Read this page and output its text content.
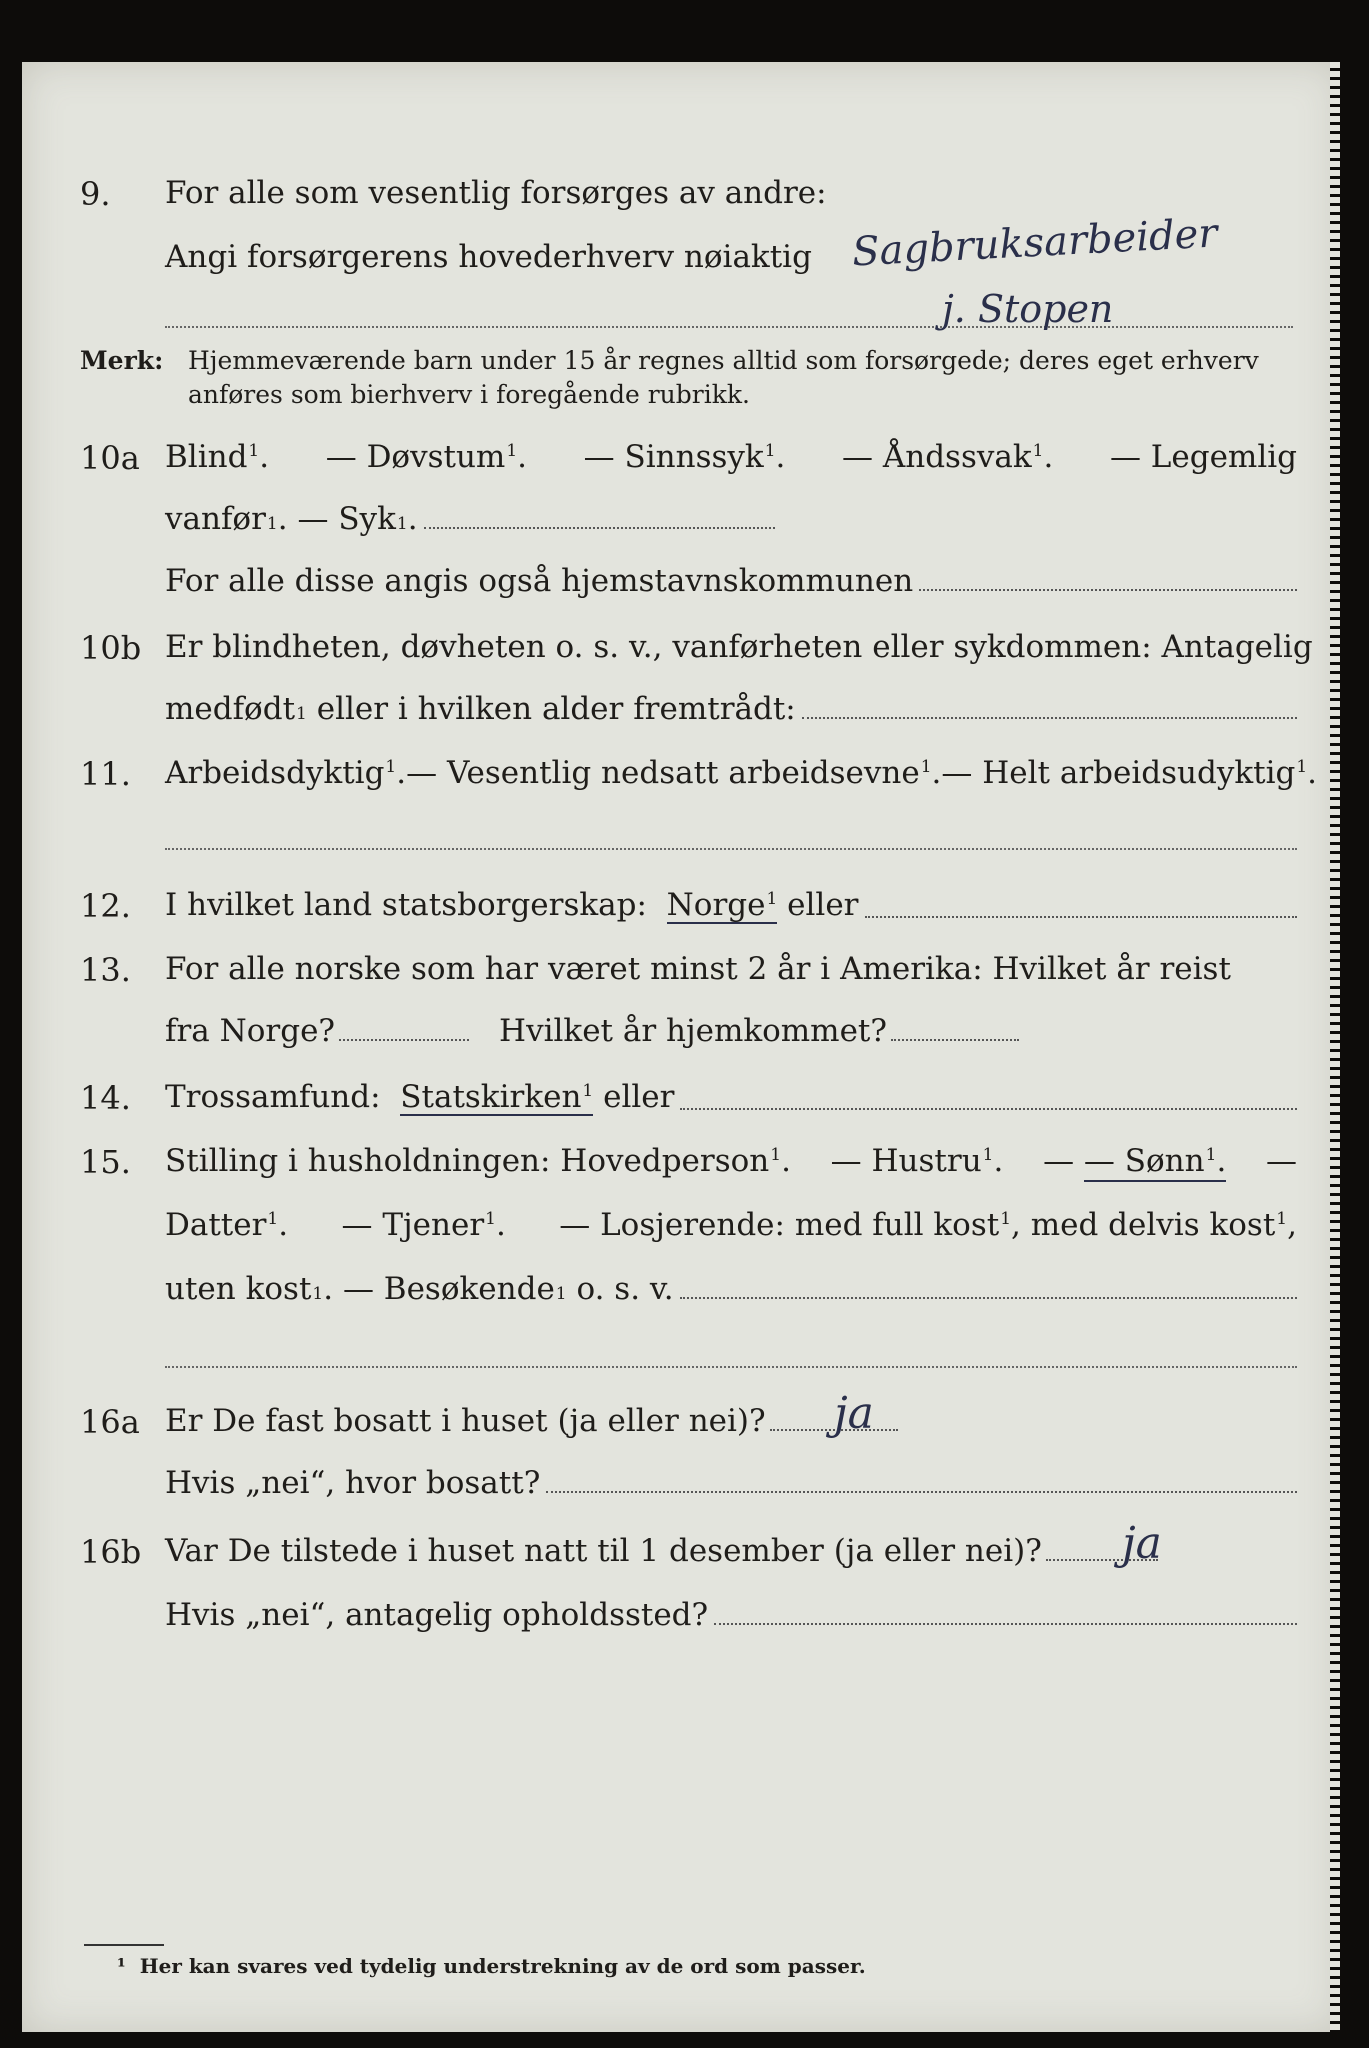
9.	For alle som vesentlig forsørges av andre:
Angi forsørgerens hovederhverv nøiaktig Sagbruksarbeider
j. Stopen
Merk: Hjemmeværende barn under 15 år regnes alltid som forsørgede; deres eget erhverv
anføres som bierhverv i foregående rubrikk.
10a Blind$^1$. — Døvstum$^1$. — Sinnssyk$^1$. — Åndssvak$^1$. — Legemlig
vanfør 1 . — Syk 1 .
For alle disse angis også hjemstavnskommunen
10b Er blindheten, døvheten o. s. v., vanførheten eller sykdommen: Antagelig
medfødt 1
eller i hvilken alder fremtrådt:
11.	Arbeidsdyktig$^1$. — Vesentlig nedsatt arbeidsevne$^1$. — Helt arbeidsudyktig$^1$.
12.	I hvilket land statsborgerskap:
Norge$^1$
eller
13.	For alle norske som har været minst 2 år i Amerika: Hvilket år reist
fra Norge?	Hvilket år hjemkommet?
14.	Trossamfund:
Statskirken$^1$
eller
15.	Stilling i husholdningen: Hovedperson$^1$. — Hustru$^1$. — — Sønn$^1$. —
Datter$^1$. — Tjener$^1$. — Losjerende: med full kost$^1$, med delvis kost$^1$,
uten kost 1 . — Besøkende 1
o. s. v.
16a Er De fast bosatt i huset (ja eller nei)? ja
Hvis „nei“, hvor bosatt?
16b Var De tilstede i huset natt til 1 desember (ja eller nei)? ja
Hvis „nei“, antagelig opholdssted?
¹ Her kan svares ved tydelig understrekning av de ord som passer.
